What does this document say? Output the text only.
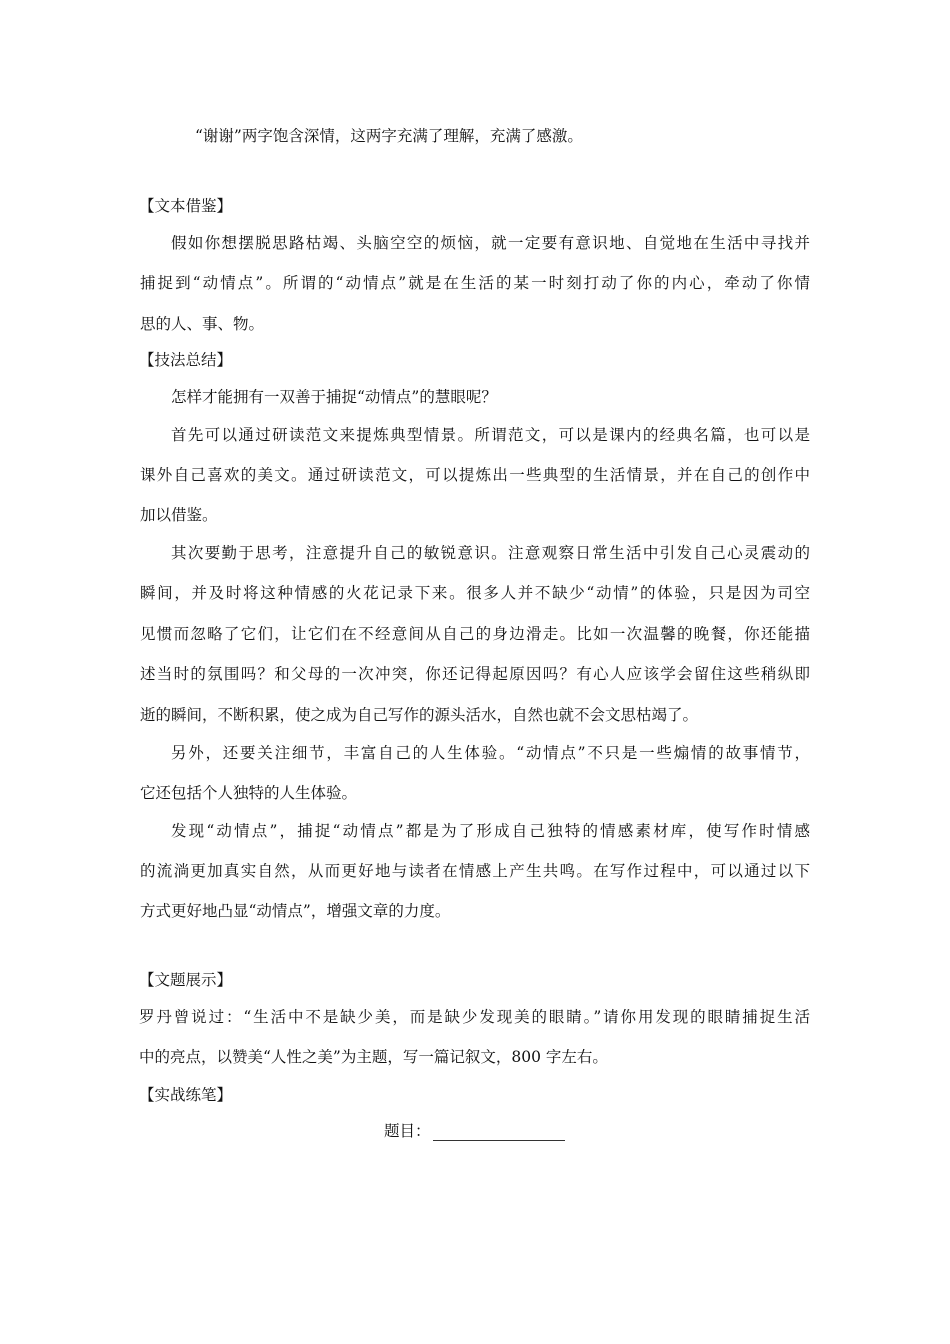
“谢谢”两字饱含深情，这两字充满了理解，充满了感激。
【文本借鉴】
假如你想摆脱思路枯竭、头脑空空的烦恼，就一定要有意识地、自觉地在生活中寻找并
捕捉到“动情点”。所谓的“动情点”就是在生活的某一时刻打动了你的内心，牵动了你情
思的人、事、物。
【技法总结】
怎样才能拥有一双善于捕捉“动情点”的慧眼呢？
首先可以通过研读范文来提炼典型情景。所谓范文，可以是课内的经典名篇，也可以是
课外自己喜欢的美文。通过研读范文，可以提炼出一些典型的生活情景，并在自己的创作中
加以借鉴。
其次要勤于思考，注意提升自己的敏锐意识。注意观察日常生活中引发自己心灵震动的
瞬间，并及时将这种情感的火花记录下来。很多人并不缺少“动情”的体验，只是因为司空
见惯而忽略了它们，让它们在不经意间从自己的身边滑走。比如一次温馨的晚餐，你还能描
述当时的氛围吗？和父母的一次冲突，你还记得起原因吗？有心人应该学会留住这些稍纵即
逝的瞬间，不断积累，使之成为自己写作的源头活水，自然也就不会文思枯竭了。
另外，还要关注细节，丰富自己的人生体验。“动情点”不只是一些煽情的故事情节，
它还包括个人独特的人生体验。
发现“动情点”，捕捉“动情点”都是为了形成自己独特的情感素材库，使写作时情感
的流淌更加真实自然，从而更好地与读者在情感上产生共鸣。在写作过程中，可以通过以下
方式更好地凸显“动情点”，增强文章的力度。
【文题展示】
罗丹曾说过：“生活中不是缺少美，而是缺少发现美的眼睛。”请你用发现的眼睛捕捉生活
中的亮点，以赞美“人性之美”为主题，写一篇记叙文，800 字左右。
【实战练笔】
题目：
